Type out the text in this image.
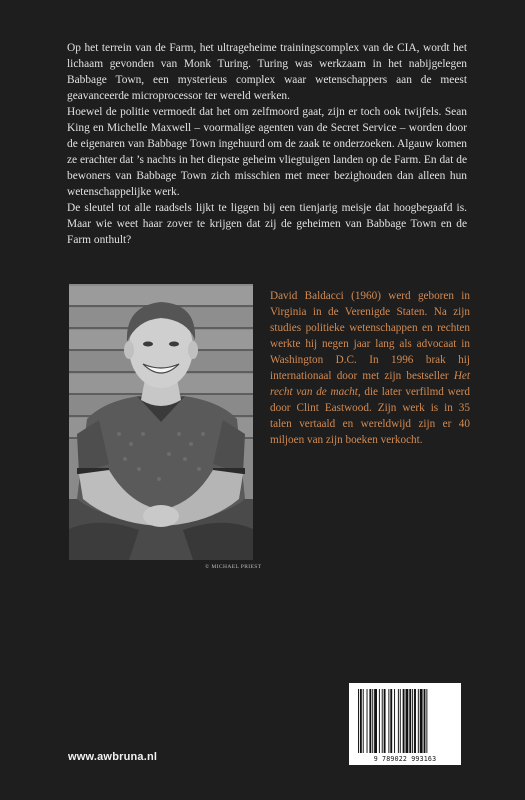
Op het terrein van de Farm, het ultrageheime trainingscomplex van de CIA, wordt het lichaam gevonden van Monk Turing. Turing was werkzaam in het nabijgelegen Babbage Town, een mysterieus complex waar wetenschappers aan de meest geavanceerde microprocessor ter wereld werken.

Hoewel de politie vermoedt dat het om zelfmoord gaat, zijn er toch ook twijfels. Sean King en Michelle Maxwell – voormalige agenten van de Secret Service – worden door de eigenaren van Babbage Town ingehuurd om de zaak te onderzoeken. Algauw komen ze erachter dat ’s nachts in het diepste geheim vliegtuigen landen op de Farm. En dat de bewoners van Babbage Town zich misschien met meer bezighouden dan alleen hun wetenschappelijke werk.

De sleutel tot alle raadsels lijkt te liggen bij een tienjarig meisje dat hoogbegaafd is. Maar wie weet haar zover te krijgen dat zij de geheimen van Babbage Town en de Farm onthult?

© MICHAEL PRIEST
David Baldacci (1960) werd geboren in Virginia in de Verenigde Staten. Na zijn studies politieke wetenschappen en rechten werkte hij negen jaar lang als advocaat in Washington D.C. In 1996 brak hij internationaal door met zijn bestseller Het recht van de macht, die later verfilmd werd door Clint Eastwood. Zijn werk is in 35 talen vertaald en wereldwijd zijn er 40 miljoen van zijn boeken verkocht.
www.awbruna.nl	9 789022 993163
